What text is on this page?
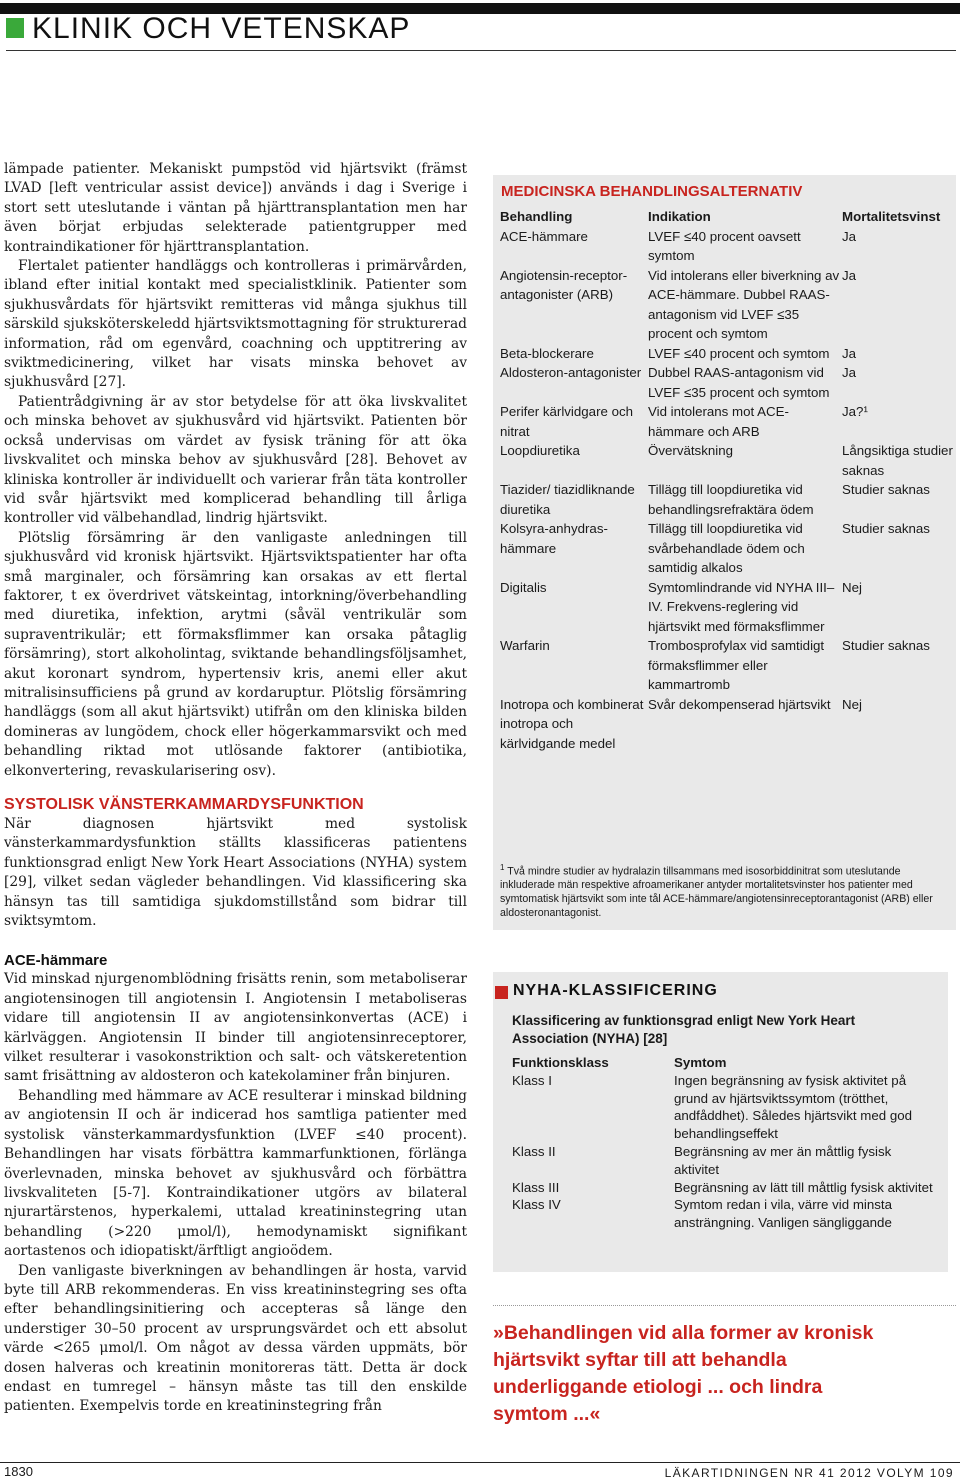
KLINIK OCH VETENSKAP

lämpade patienter. Mekaniskt pumpstöd vid hjärtsvikt (främst LVAD [left ventricular assist device]) används i dag i Sverige i stort sett uteslutande i väntan på hjärttransplantation men har även börjat erbjudas selekterade patientgrupper med kontraindikationer för hjärttransplantation.

Flertalet patienter handläggs och kontrolleras i primärvården, ibland efter initial kontakt med specialistklinik. Patienter som sjukhusvårdats för hjärtsvikt remitteras vid många sjukhus till särskild sjuksköterskeledd hjärtsviktsmottagning för strukturerad information, råd om egenvård, coachning och upptitrering av sviktmedicinering, vilket har visats minska behovet av sjukhusvård [27].

Patientrådgivning är av stor betydelse för att öka livskvalitet och minska behovet av sjukhusvård vid hjärtsvikt. Patienten bör också undervisas om värdet av fysisk träning för att öka livskvalitet och minska behov av sjukhusvård [28]. Behovet av kliniska kontroller är individuellt och varierar från täta kontroller vid svår hjärtsvikt med komplicerad behandling till årliga kontroller vid välbehandlad, lindrig hjärtsvikt.

Plötslig försämring är den vanligaste anledningen till sjukhusvård vid kronisk hjärtsvikt. Hjärtsviktspatienter har ofta små marginaler, och försämring kan orsakas av ett flertal faktorer, t ex överdrivet vätskeintag, intorkning/överbehandling med diuretika, infektion, arytmi (såväl ventrikulär som supraventrikulär; ett förmaksflimmer kan orsaka påtaglig försämring), stort alkoholintag, sviktande behandlingsföljsamhet, akut koronart syndrom, hypertensiv kris, anemi eller akut mitralisinsufficiens på grund av kordaruptur. Plötslig försämring handläggs (som all akut hjärtsvikt) utifrån om den kliniska bilden domineras av lungödem, chock eller högerkammarsvikt och med behandling riktad mot utlösande faktorer (antibiotika, elkonvertering, revaskularisering osv).

SYSTOLISK VÄNSTERKAMMARDYSFUNKTION

När diagnosen hjärtsvikt med systolisk vänsterkammardysfunktion ställts klassificeras patientens funktionsgrad enligt New York Heart Associations (NYHA) system [29], vilket sedan vägleder behandlingen. Vid klassificering ska hänsyn tas till samtidiga sjukdomstillstånd som bidrar till sviktsymtom.

ACE-hämmare

Vid minskad njurgenomblödning frisätts renin, som metaboliserar angiotensinogen till angiotensin I. Angiotensin I metaboliseras vidare till angiotensin II av angiotensinkonvertas (ACE) i kärlväggen. Angiotensin II binder till angiotensinreceptorer, vilket resulterar i vasokonstriktion och salt- och vätskeretention samt frisättning av aldosteron och katekolaminer från binjuren.

Behandling med hämmare av ACE resulterar i minskad bildning av angiotensin II och är indicerad hos samtliga patienter med systolisk vänsterkammardysfunktion (LVEF ≤40 procent). Behandlingen har visats förbättra kammarfunktionen, förlänga överlevnaden, minska behovet av sjukhusvård och förbättra livskvaliteten [5-7]. Kontraindikationer utgörs av bilateral njurartärstenos, hyperkalemi, uttalad kreatininstegring utan behandling (>220 μmol/l), hemodynamiskt signifikant aortastenos och idiopatiskt/ärftligt angioödem.

Den vanligaste biverkningen av behandlingen är hosta, varvid byte till ARB rekommenderas. En viss kreatininstegring ses ofta efter behandlingsinitiering och accepteras så länge den understiger 30–50 procent av ursprungsvärdet och ett absolut värde <265 μmol/l. Om något av dessa värden uppmäts, bör dosen halveras och kreatinin monitoreras tätt. Detta är dock endast en tumregel – hänsyn måste tas till den enskilde patienten. Exempelvis torde en kreatininstegring från

MEDICINSKA BEHANDLINGSALTERNATIV
Behandling	Indikation	Mortalitetsvinst
ACE-hämmare	LVEF ≤40 procent oavsett symtom	Ja
Angiotensin-receptor-antagonister (ARB)	Vid intolerans eller biverkning av ACE-hämmare. Dubbel RAAS-antagonism vid LVEF ≤35 procent och symtom	Ja
Beta-blockerare	LVEF ≤40 procent och symtom	Ja
Aldosteron-antagonister	Dubbel RAAS-antagonism vid LVEF ≤35 procent och symtom	Ja
Perifer kärlvidgare och nitrat	Vid intolerans mot ACE-hämmare och ARB	Ja?¹
Loopdiuretika	Övervätskning	Långsiktiga studier saknas
Tiazider/ tiazidliknande diuretika	Tillägg till loopdiuretika vid behandlingsrefraktära ödem	Studier saknas
Kolsyra-anhydras-hämmare	Tillägg till loopdiuretika vid svårbehandlade ödem och samtidig alkalos	Studier saknas
Digitalis	Symtomlindrande vid NYHA III–IV. Frekvens-reglering vid hjärtsvikt med förmaksflimmer	Nej
Warfarin	Trombosprofylax vid samtidigt förmaksflimmer eller kammartromb	Studier saknas
Inotropa och kombinerat inotropa och kärlvidgande medel	Svår dekompenserad hjärtsvikt	Nej
$^1$ Två mindre studier av hydralazin tillsammans med isosorbiddinitrat som uteslutande inkluderade män respektive afroamerikaner antyder mortalitetsvinster hos patienter med symtomatisk hjärtsvikt som inte tål ACE-hämmare/angiotensinreceptorantagonist (ARB) eller aldosteronantagonist.
NYHA-KLASSIFICERING
Klassificering av funktionsgrad enligt New York Heart Association (NYHA) [28]
Funktionsklass	Symtom
Klass I	Ingen begränsning av fysisk aktivitet på grund av hjärtsviktssymtom (trötthet, andfåddhet). Således hjärtsvikt med god behandlingseffekt
Klass II	Begränsning av mer än måttlig fysisk aktivitet
Klass III	Begränsning av lätt till måttlig fysisk aktivitet
Klass IV	Symtom redan i vila, värre vid minsta ansträngning. Vanligen sängliggande
»Behandlingen vid alla former av kronisk hjärtsvikt syftar till att behandla underliggande etiologi ... och lindra symtom ...«
1830	LÄKARTIDNINGEN NR 41 2012 VOLYM 109
